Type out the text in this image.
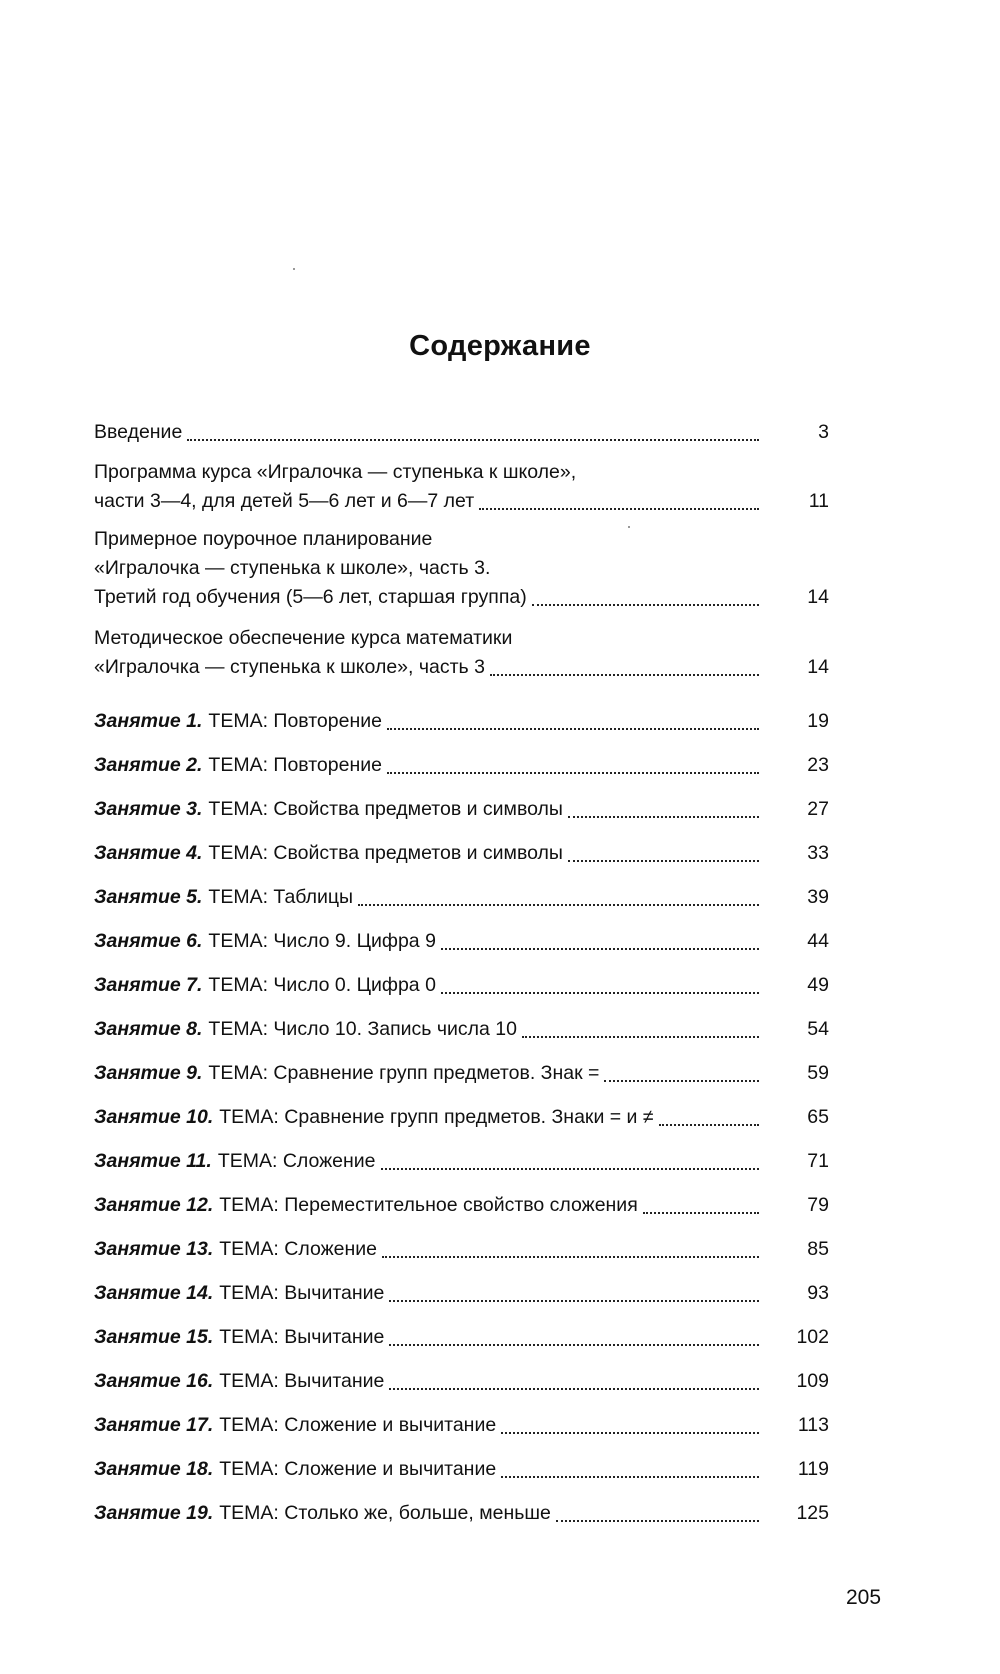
Содержание
Введение	3
Программа курса «Игралочка — ступенька к школе»,
части 3—4, для детей 5—6 лет и 6—7 лет	11
Примерное поурочное планирование
«Игралочка — ступенька к школе», часть 3.
Третий год обучения (5—6 лет, старшая группа)	14
Методическое обеспечение курса математики
«Игралочка — ступенька к школе», часть 3	14
Занятие 1. ТЕМА: Повторение	19
Занятие 2. ТЕМА: Повторение	23
Занятие 3. ТЕМА: Свойства предметов и символы	27
Занятие 4. ТЕМА: Свойства предметов и символы	33
Занятие 5. ТЕМА: Таблицы	39
Занятие 6. ТЕМА: Число 9. Цифра 9	44
Занятие 7. ТЕМА: Число 0. Цифра 0	49
Занятие 8. ТЕМА: Число 10. Запись числа 10	54
Занятие 9. ТЕМА: Сравнение групп предметов. Знак =	59
Занятие 10. ТЕМА: Сравнение групп предметов. Знаки = и ≠	65
Занятие 11. ТЕМА: Сложение	71
Занятие 12. ТЕМА: Переместительное свойство сложения	79
Занятие 13. ТЕМА: Сложение	85
Занятие 14. ТЕМА: Вычитание	93
Занятие 15. ТЕМА: Вычитание	102
Занятие 16. ТЕМА: Вычитание	109
Занятие 17. ТЕМА: Сложение и вычитание	113
Занятие 18. ТЕМА: Сложение и вычитание	119
Занятие 19. ТЕМА: Столько же, больше, меньше	125
205
